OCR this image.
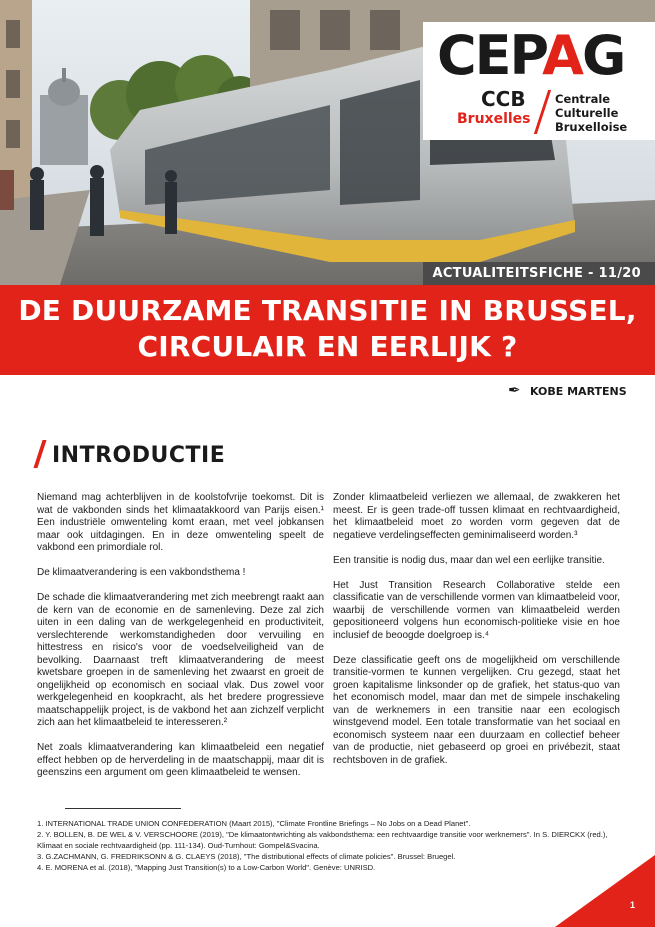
CEPAG
CCB
Bruxelles
Centrale
Culturelle
Bruxelloise
ACTUALITEITSFICHE - 11/20
DE DUURZAME TRANSITIE IN BRUSSEL,
CIRCULAIR EN EERLIJK ?
✒ KOBE MARTENS
INTRODUCTIE

Niemand mag achterblijven in de koolstofvrije toekomst. Dit is wat de vakbonden sinds het klimaatakkoord van Parijs eisen.¹ Een industriële omwenteling komt eraan, met veel jobkansen maar ook uitdagingen. En in deze omwenteling speelt de vakbond een primordiale rol.

De klimaatverandering is een vakbondsthema !

De schade die klimaatverandering met zich meebrengt raakt aan de kern van de economie en de samenleving. Deze zal zich uiten in een daling van de werkgelegenheid en productiviteit, verslechterende werkomstandigheden door vervuiling en hittestress en risico's voor de voedselveiligheid van de bevolking. Daarnaast treft klimaatverandering de meest kwetsbare groepen in de samenleving het zwaarst en groeit de ongelijkheid op economisch en sociaal vlak. Dus zowel voor werkgelegenheid en koopkracht, als het bredere progressieve maatschappelijk project, is de vakbond het aan zichzelf verplicht zich aan het klimaatbeleid te interesseren.²

Net zoals klimaatverandering kan klimaatbeleid een negatief effect hebben op de herverdeling in de maatschappij, maar dit is geenszins een argument om geen klimaatbeleid te wensen.

Zonder klimaatbeleid verliezen we allemaal, de zwakkeren het meest. Er is geen trade-off tussen klimaat en rechtvaardigheid, het klimaatbeleid moet zo worden vorm gegeven dat de negatieve verdelingseffecten geminimaliseerd worden.³

Een transitie is nodig dus, maar dan wel een eerlijke transitie.

Het Just Transition Research Collaborative stelde een classificatie van de verschillende vormen van klimaatbeleid voor, waarbij de verschillende vormen van klimaatbeleid werden gepositioneerd volgens hun economisch-politieke visie en hoe inclusief de beoogde doelgroep is.⁴

Deze classificatie geeft ons de mogelijkheid om verschillende transitie-vormen te kunnen vergelijken. Cru gezegd, staat het groen kapitalisme linksonder op de grafiek, het status-quo van het economisch model, maar dan met de simpele inschakeling van de werknemers in een transitie naar een ecologisch winstgevend model. Een totale transformatie van het sociaal en economisch systeem naar een duurzaam en collectief beheer van de productie, niet gebaseerd op groei en privébezit, staat rechtsboven in de grafiek.

1. INTERNATIONAL TRADE UNION CONFEDERATION (Maart 2015), "Climate Frontline Briefings – No Jobs on a Dead Planet".
2. Y. BOLLEN, B. DE WEL & V. VERSCHOORE (2019), "De klimaatontwrichting als vakbondsthema: een rechtvaardige transitie voor werknemers". In S. DIERCKX (red.),
Klimaat en sociale rechtvaardigheid (pp. 111-134). Oud-Turnhout: Gompel&Svacina.
3. G.ZACHMANN, G. FREDRIKSONN & G. CLAEYS (2018), "The distributional effects of climate policies". Brussel: Bruegel.
4. E. MORENA et al. (2018), "Mapping Just Transition(s) to a Low-Carbon World". Genève: UNRISD.
1
